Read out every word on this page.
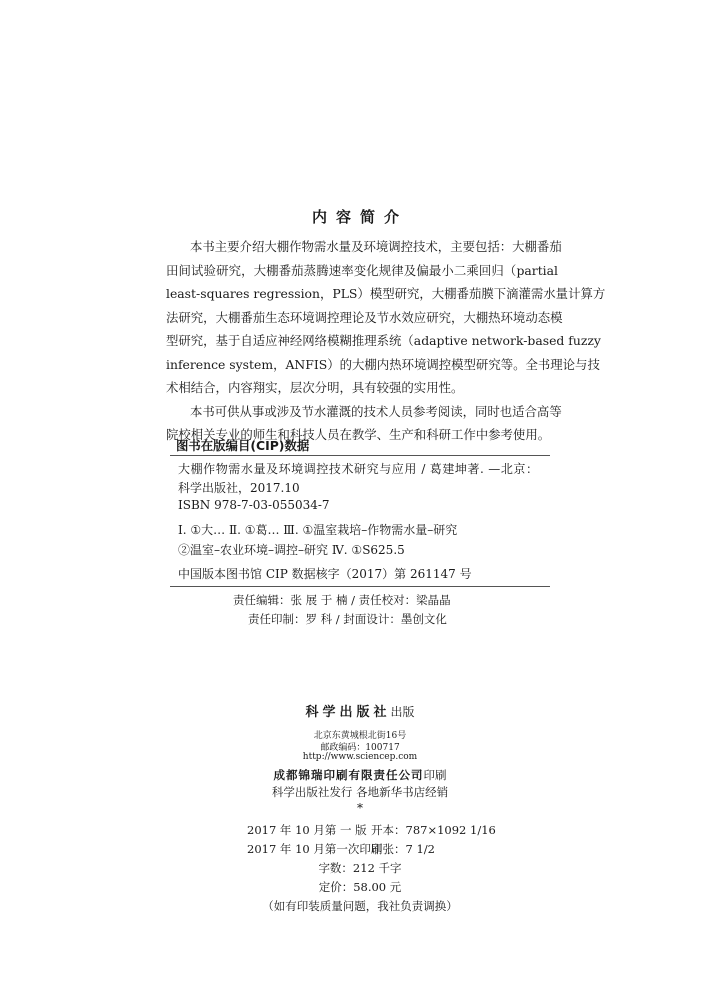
内容简介
本书主要介绍大棚作物需水量及环境调控技术，主要包括：大棚番茄
田间试验研究，大棚番茄蒸腾速率变化规律及偏最小二乘回归（partial
least-squares regression，PLS）模型研究，大棚番茄膜下滴灌需水量计算方
法研究，大棚番茄生态环境调控理论及节水效应研究，大棚热环境动态模
型研究，基于自适应神经网络模糊推理系统（adaptive network-based fuzzy
inference system，ANFIS）的大棚内热环境调控模型研究等。全书理论与技
术相结合，内容翔实，层次分明，具有较强的实用性。
本书可供从事或涉及节水灌溉的技术人员参考阅读，同时也适合高等
院校相关专业的师生和科技人员在教学、生产和科研工作中参考使用。
图书在版编目(CIP)数据
大棚作物需水量及环境调控技术研究与应用 / 葛建坤著. —北京：
科学出版社，2017.10
ISBN 978-7-03-055034-7
Ⅰ. ①大… Ⅱ. ①葛… Ⅲ. ①温室栽培–作物需水量–研究
②温室–农业环境–调控–研究 Ⅳ. ①S625.5
中国版本图书馆 CIP 数据核字（2017）第 261147 号
责任编辑：张 展 于 楠 / 责任校对：梁晶晶
责任印制：罗 科 / 封面设计：墨创文化
科学出版社出版
北京东黄城根北街16号
邮政编码：100717
http://www.sciencep.com
成都锦瑞印刷有限责任公司印刷
科学出版社发行 各地新华书店经销
*
2017 年 10 月第 一 版 开本：787×1092 1/16
2017 年 10 月第一次印刷
印张：7 1/2
字数：212 千字
定价：58.00 元
（如有印装质量问题，我社负责调换）
